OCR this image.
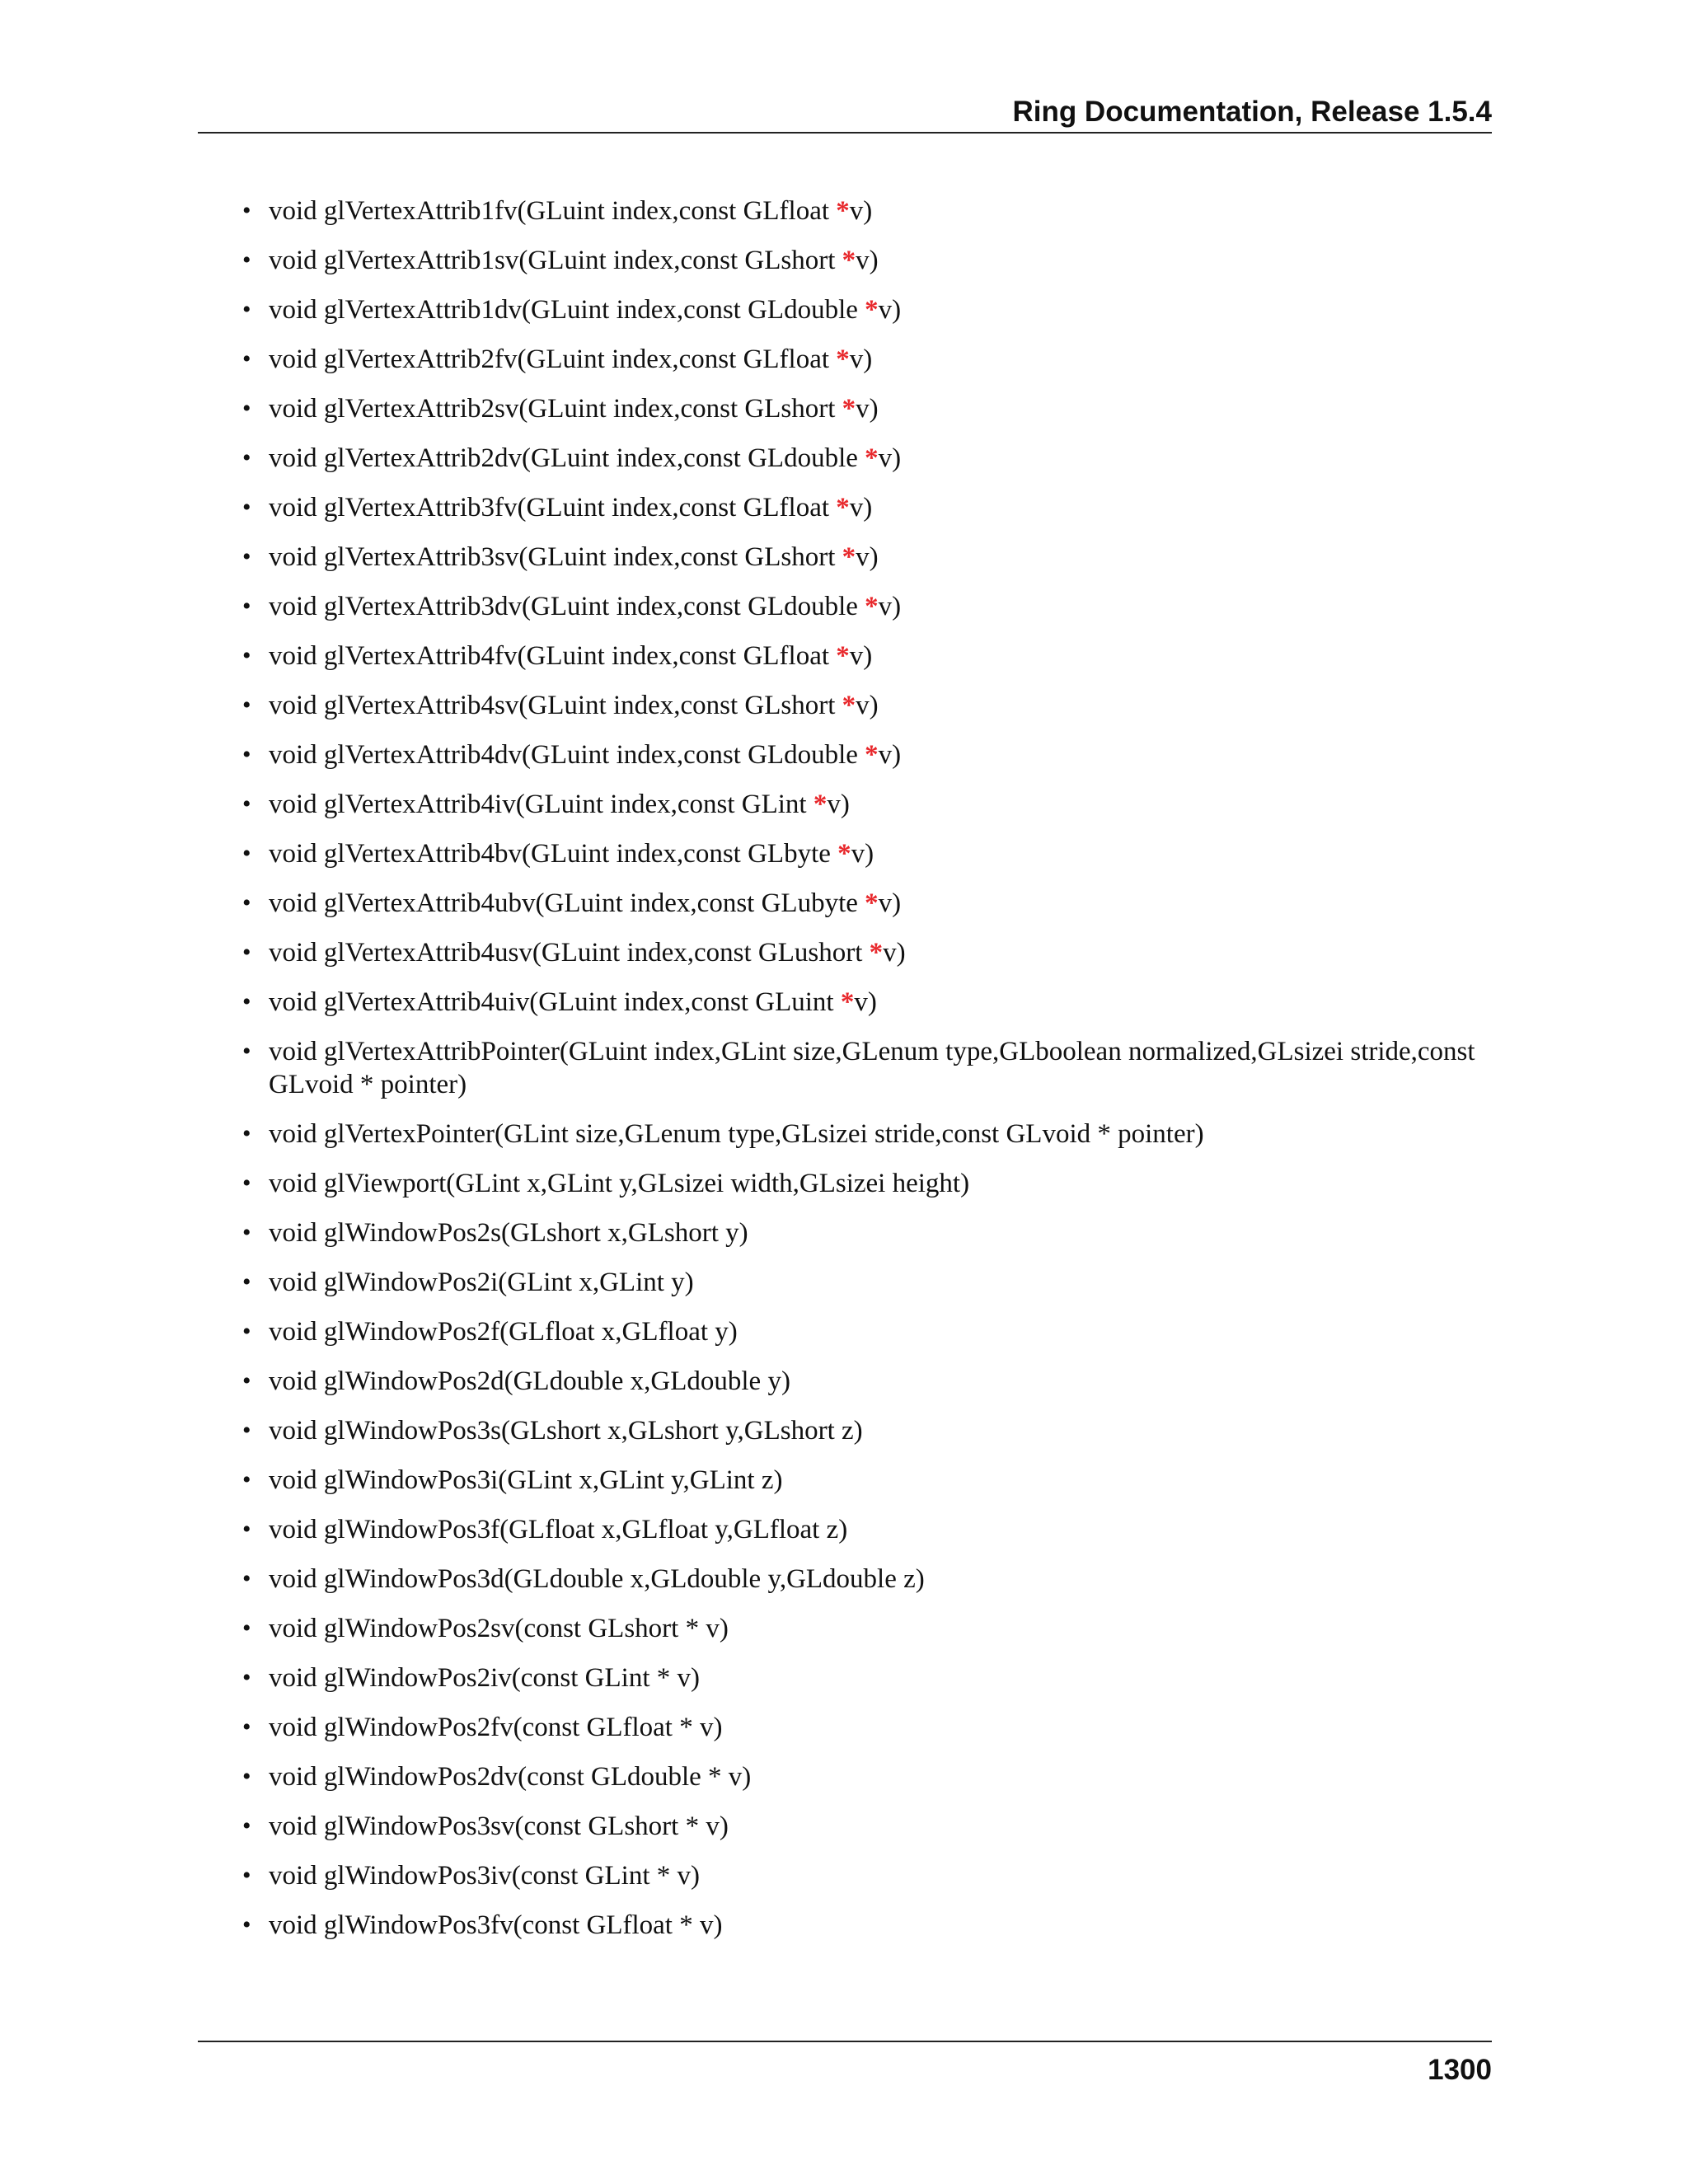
Ring Documentation, Release 1.5.4
• void glVertexAttrib1fv(GLuint index,const GLfloat *v)
• void glVertexAttrib1sv(GLuint index,const GLshort *v)
• void glVertexAttrib1dv(GLuint index,const GLdouble *v)
• void glVertexAttrib2fv(GLuint index,const GLfloat *v)
• void glVertexAttrib2sv(GLuint index,const GLshort *v)
• void glVertexAttrib2dv(GLuint index,const GLdouble *v)
• void glVertexAttrib3fv(GLuint index,const GLfloat *v)
• void glVertexAttrib3sv(GLuint index,const GLshort *v)
• void glVertexAttrib3dv(GLuint index,const GLdouble *v)
• void glVertexAttrib4fv(GLuint index,const GLfloat *v)
• void glVertexAttrib4sv(GLuint index,const GLshort *v)
• void glVertexAttrib4dv(GLuint index,const GLdouble *v)
• void glVertexAttrib4iv(GLuint index,const GLint *v)
• void glVertexAttrib4bv(GLuint index,const GLbyte *v)
• void glVertexAttrib4ubv(GLuint index,const GLubyte *v)
• void glVertexAttrib4usv(GLuint index,const GLushort *v)
• void glVertexAttrib4uiv(GLuint index,const GLuint *v)
• void glVertexAttribPointer(GLuint index,GLint size,GLenum type,GLboolean normalized,GLsizei stride,const GLvoid * pointer)
• void glVertexPointer(GLint size,GLenum type,GLsizei stride,const GLvoid * pointer)
• void glViewport(GLint x,GLint y,GLsizei width,GLsizei height)
• void glWindowPos2s(GLshort x,GLshort y)
• void glWindowPos2i(GLint x,GLint y)
• void glWindowPos2f(GLfloat x,GLfloat y)
• void glWindowPos2d(GLdouble x,GLdouble y)
• void glWindowPos3s(GLshort x,GLshort y,GLshort z)
• void glWindowPos3i(GLint x,GLint y,GLint z)
• void glWindowPos3f(GLfloat x,GLfloat y,GLfloat z)
• void glWindowPos3d(GLdouble x,GLdouble y,GLdouble z)
• void glWindowPos2sv(const GLshort * v)
• void glWindowPos2iv(const GLint * v)
• void glWindowPos2fv(const GLfloat * v)
• void glWindowPos2dv(const GLdouble * v)
• void glWindowPos3sv(const GLshort * v)
• void glWindowPos3iv(const GLint * v)
• void glWindowPos3fv(const GLfloat * v)
1300
